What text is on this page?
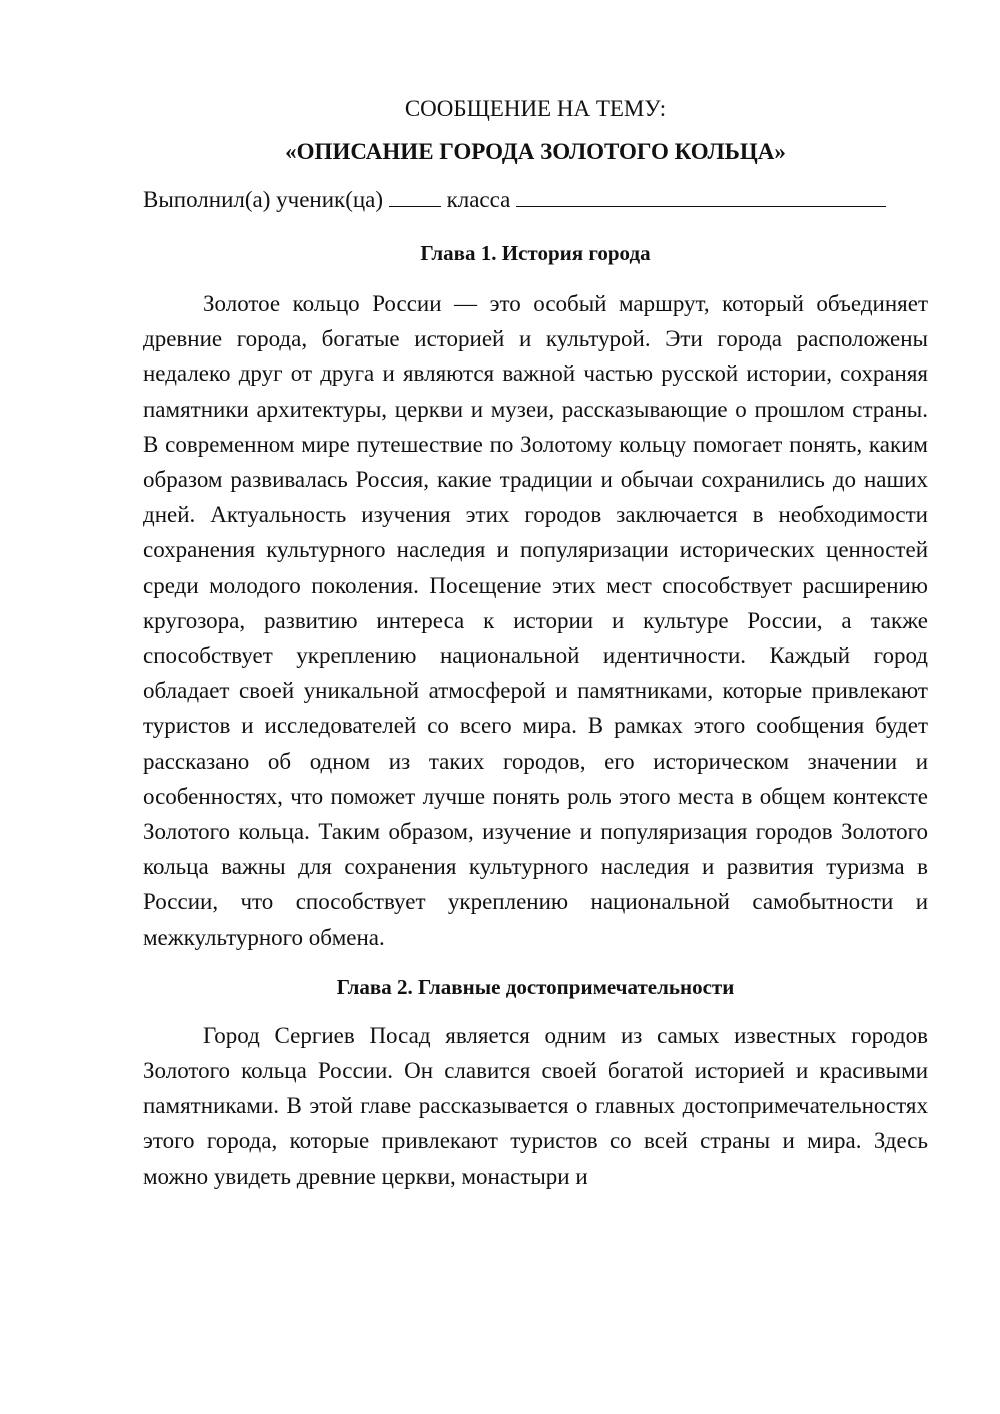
СООБЩЕНИЕ НА ТЕМУ:

«ОПИСАНИЕ ГОРОДА ЗОЛОТОГО КОЛЬЦА»

Выполнил(а) ученик(ца)	класса

Глава 1. История города

Золотое кольцо России — это особый маршрут, который объединяет древние города, богатые историей и культурой. Эти города расположены недалеко друг от друга и являются важной частью русской истории, сохраняя памятники архитектуры, церкви и музеи, рассказывающие о прошлом страны. В современном мире путешествие по Золотому кольцу помогает понять, каким образом развивалась Россия, какие традиции и обычаи сохранились до наших дней. Актуальность изучения этих городов заключается в необходимости сохранения культурного наследия и популяризации исторических ценностей среди молодого поколения. Посещение этих мест способствует расширению кругозора, развитию интереса к истории и культуре России, а также способствует укреплению национальной идентичности. Каждый город обладает своей уникальной атмосферой и памятниками, которые привлекают туристов и исследователей со всего мира. В рамках этого сообщения будет рассказано об одном из таких городов, его историческом значении и особенностях, что поможет лучше понять роль этого места в общем контексте Золотого кольца. Таким образом, изучение и популяризация городов Золотого кольца важны для сохранения культурного наследия и развития туризма в России, что способствует укреплению национальной самобытности и межкультурного обмена.

Глава 2. Главные достопримечательности

Город Сергиев Посад является одним из самых известных городов Золотого кольца России. Он славится своей богатой историей и красивыми памятниками. В этой главе рассказывается о главных достопримечательностях этого города, которые привлекают туристов со всей страны и мира. Здесь можно увидеть древние церкви, монастыри и
